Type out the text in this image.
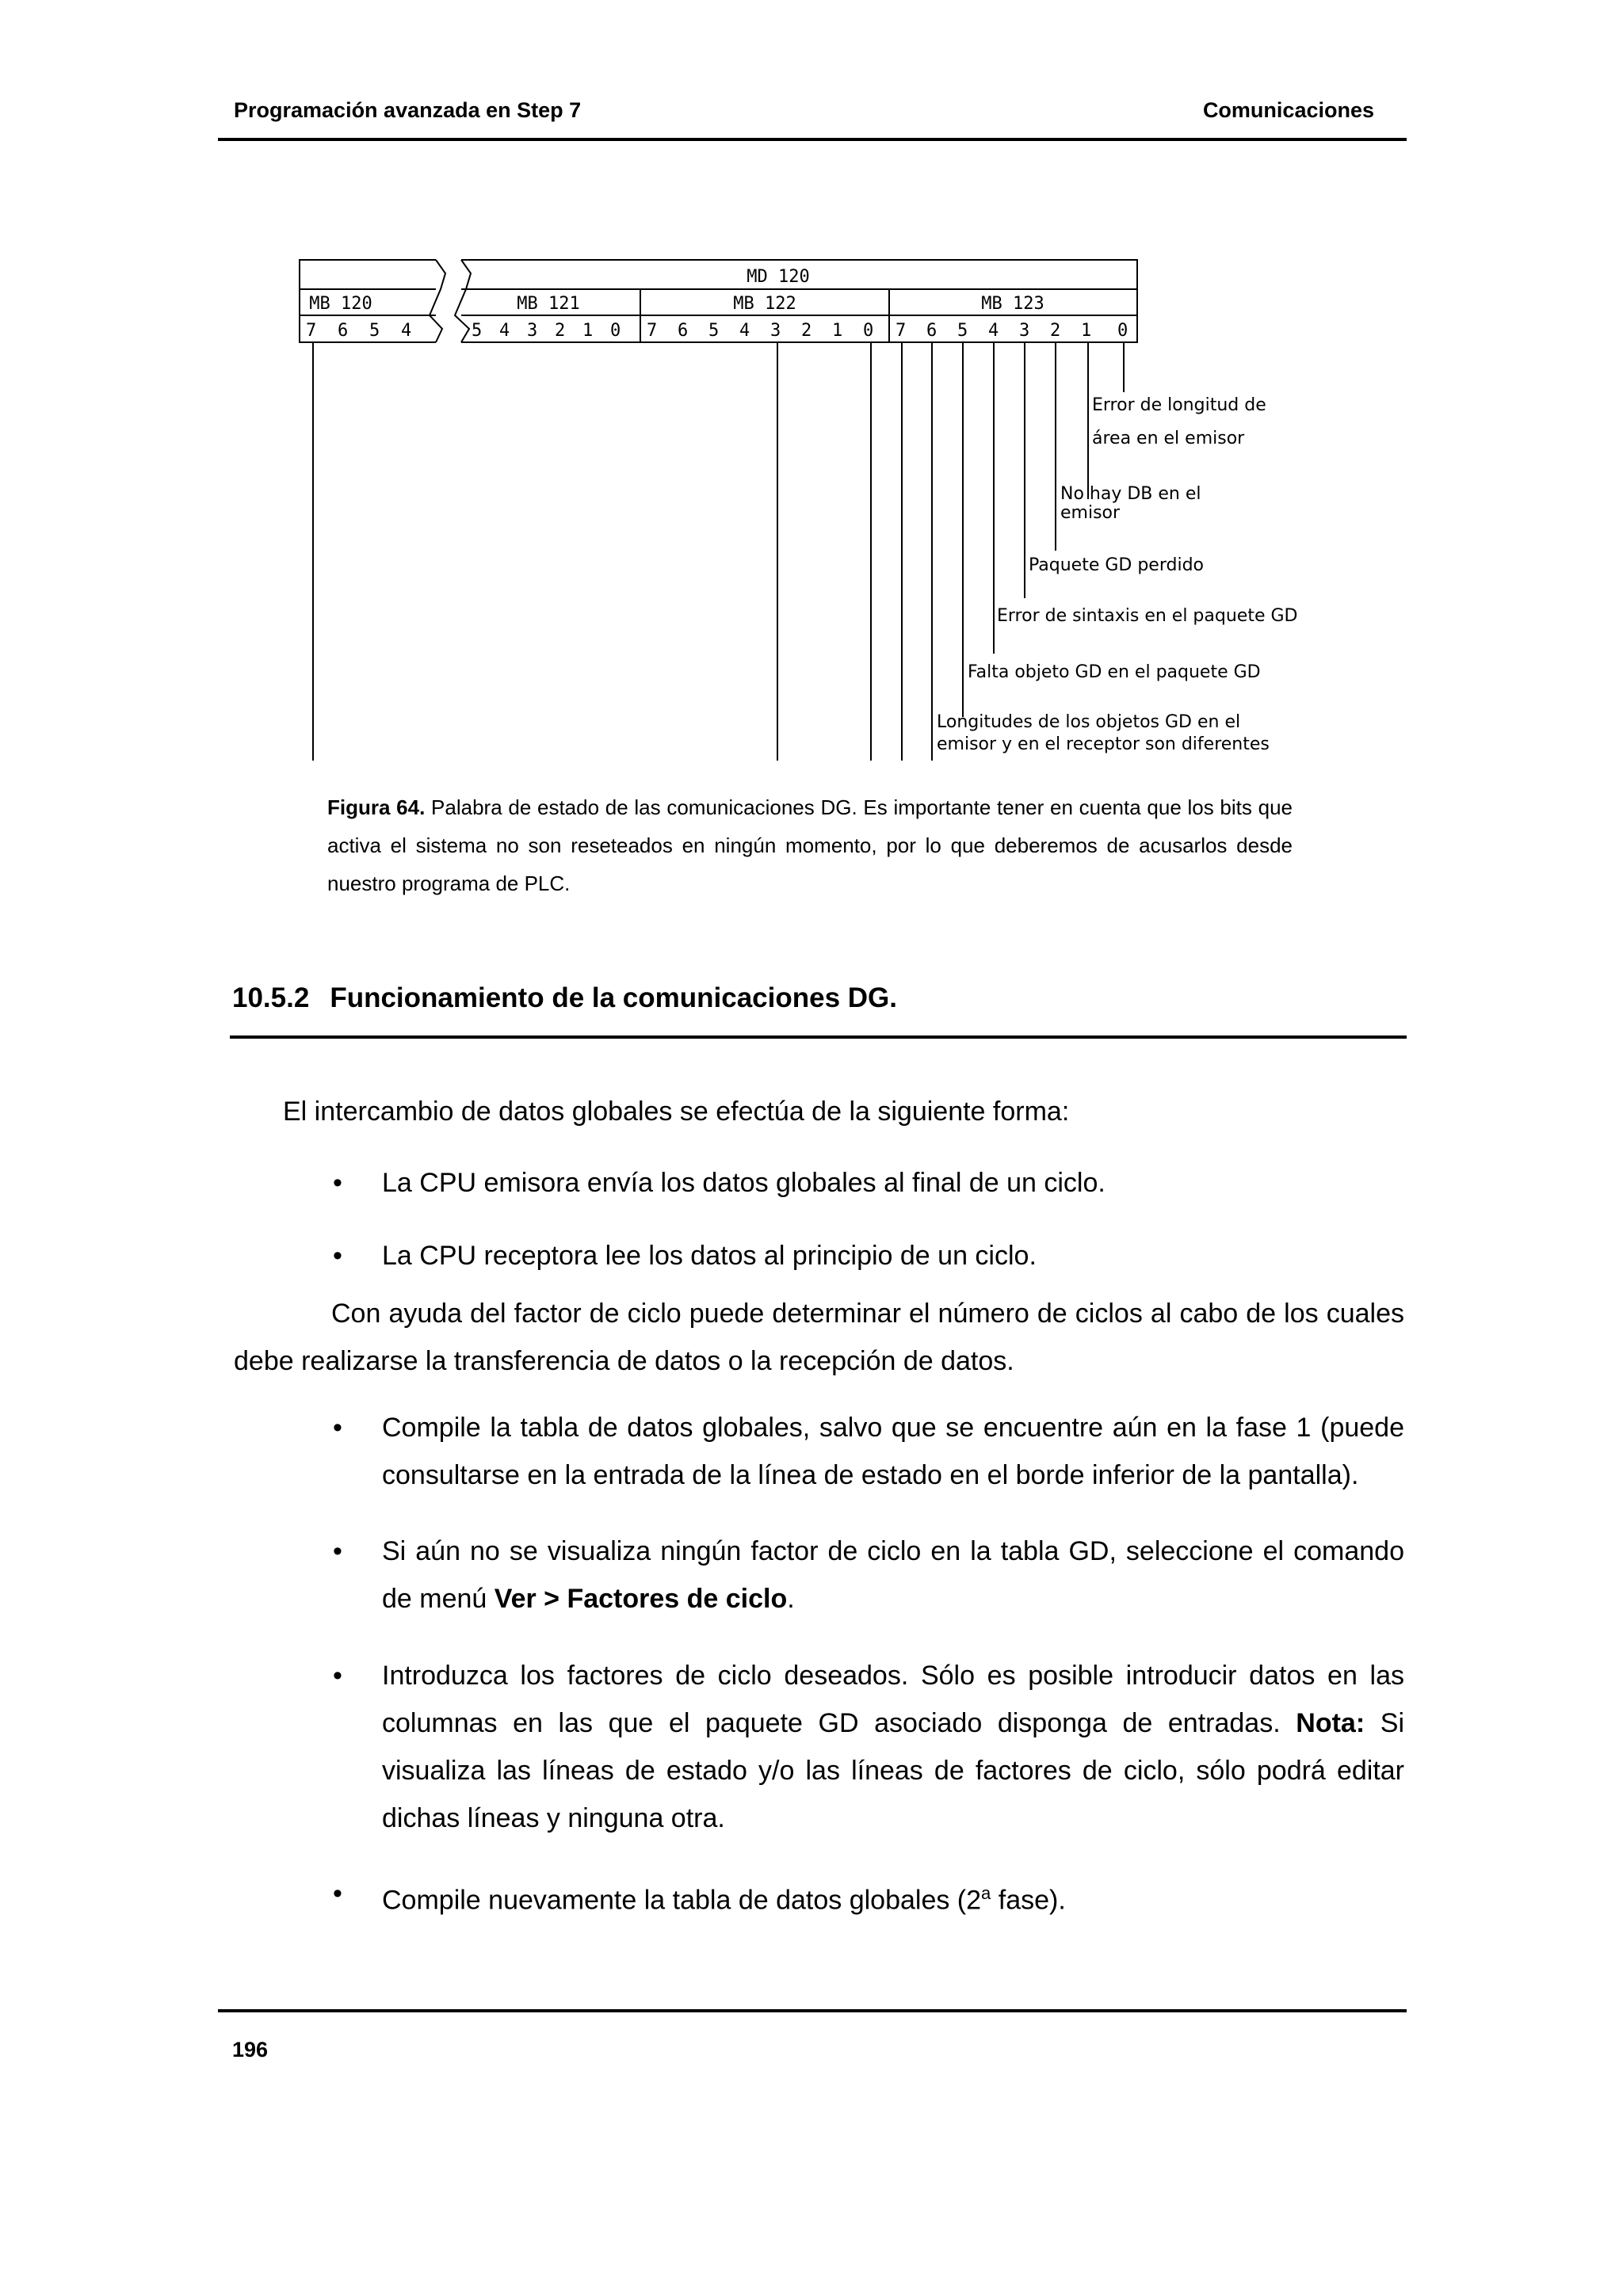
Programación avanzada en Step 7	Comunicaciones
MD 120
MB 120
7 6 5 4
MB 121
5 4 3 2 1 0
MB 122
7 6 5 4 3 2 1 0
MB 123
7 6 5 4 3 2 1 0
Error de longitud de
área en el emisor
No hay DB en el
emisor
Paquete GD perdido
Error de sintaxis en el paquete GD
Falta objeto GD en el paquete GD
Longitudes de los objetos GD en el
emisor y en el receptor son diferentes
Figura 64. Palabra de estado de las comunicaciones DG. Es importante tener en cuenta que los bits que activa el sistema no son reseteados en ningún momento, por lo que deberemos de acusarlos desde nuestro programa de PLC.
10.5.2 Funcionamiento de la comunicaciones DG.
El intercambio de datos globales se efectúa de la siguiente forma:
• La CPU emisora envía los datos globales al final de un ciclo.
• La CPU receptora lee los datos al principio de un ciclo.
Con ayuda del factor de ciclo puede determinar el número de ciclos al cabo de los cuales debe realizarse la transferencia de datos o la recepción de datos.
• Compile la tabla de datos globales, salvo que se encuentre aún en la fase 1 (puede consultarse en la entrada de la línea de estado en el borde inferior de la pantalla).
• Si aún no se visualiza ningún factor de ciclo en la tabla GD, seleccione el comando de menú Ver > Factores de ciclo.
• Introduzca los factores de ciclo deseados. Sólo es posible introducir datos en las columnas en las que el paquete GD asociado disponga de entradas. Nota: Si visualiza las líneas de estado y/o las líneas de factores de ciclo, sólo podrá editar dichas líneas y ninguna otra.
• Compile nuevamente la tabla de datos globales (2$^a$ fase).
196
